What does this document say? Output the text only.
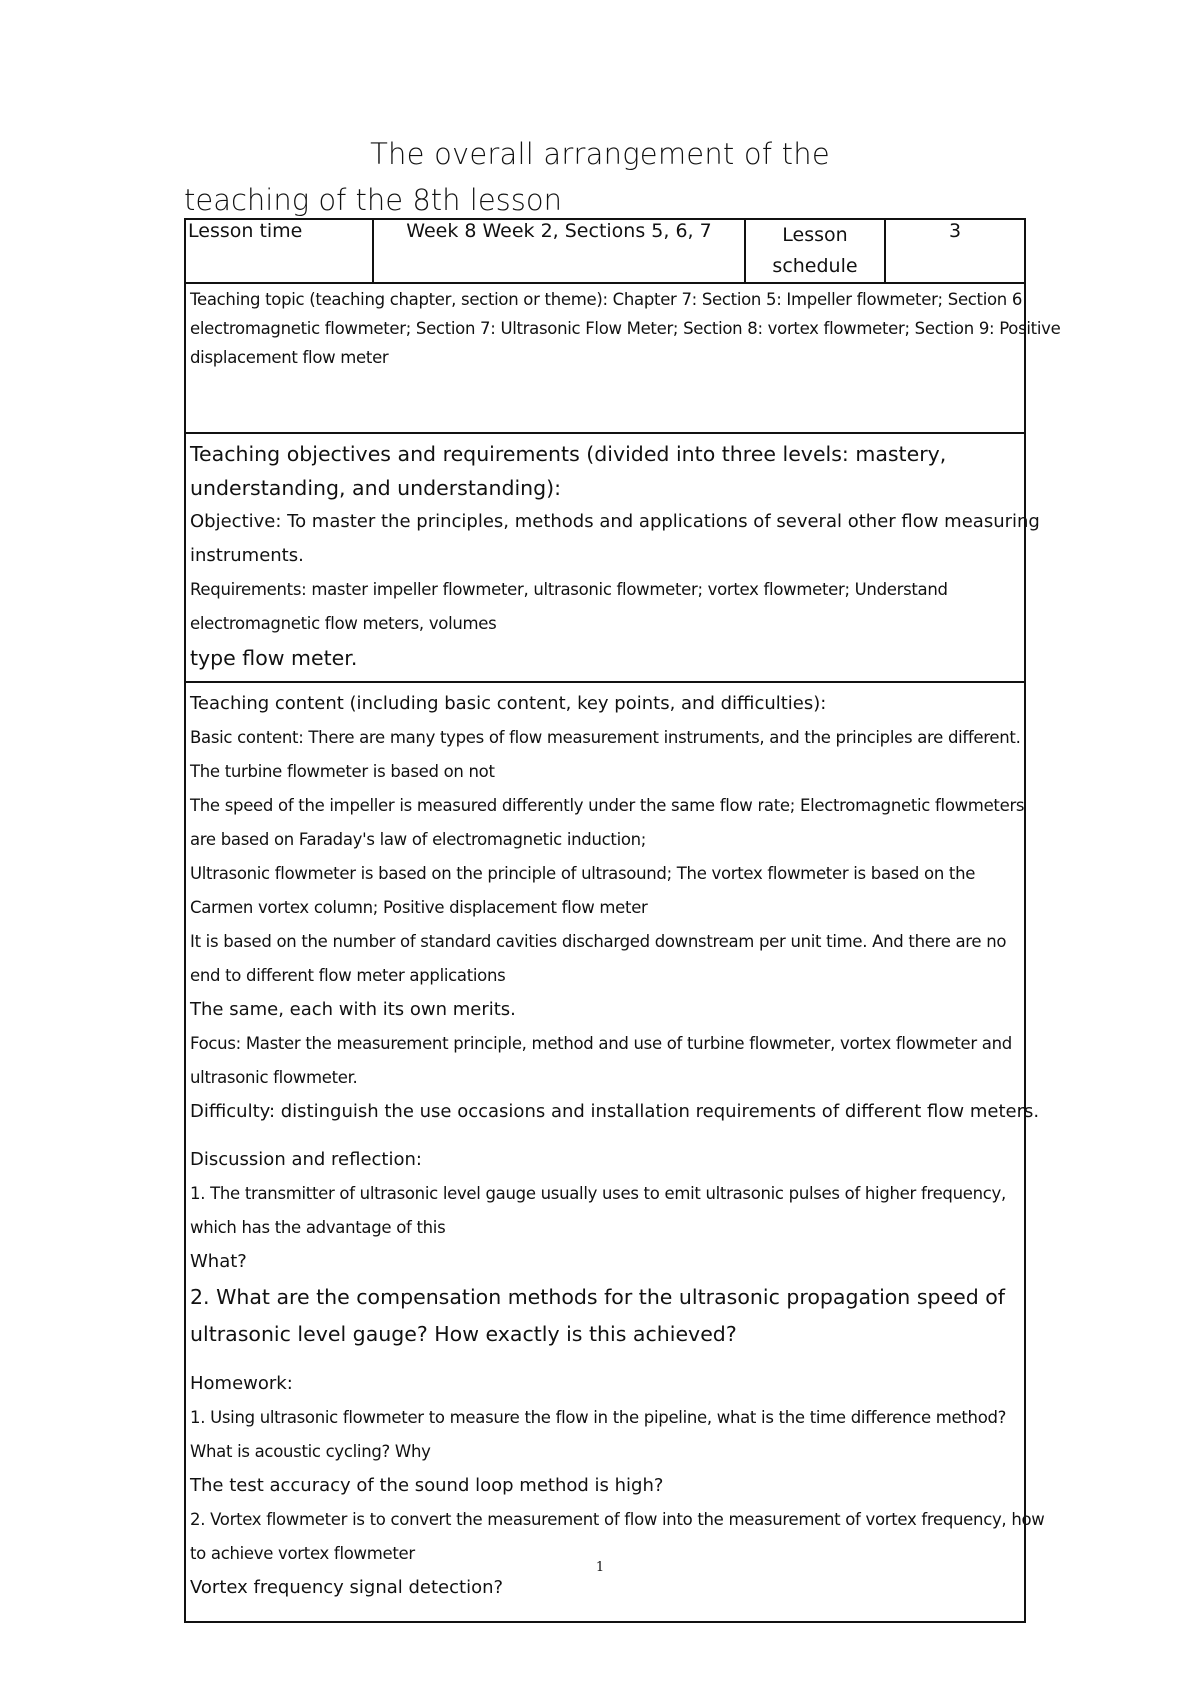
The overall arrangement of the
teaching of the 8th lesson
Lesson time	Week 8 Week 2, Sections 5, 6, 7	Lesson schedule	3

Teaching topic (teaching chapter, section or theme): Chapter 7: Section 5: Impeller flowmeter; Section 6
electromagnetic flowmeter; Section 7: Ultrasonic Flow Meter; Section 8: vortex flowmeter; Section 9: Positive
displacement flow meter

Teaching objectives and requirements (divided into three levels: mastery,
understanding, and understanding):
Objective: To master the principles, methods and applications of several other flow measuring
instruments.
Requirements: master impeller flowmeter, ultrasonic flowmeter; vortex flowmeter; Understand
electromagnetic flow meters, volumes
type flow meter.

Teaching content (including basic content, key points, and difficulties):
Basic content: There are many types of flow measurement instruments, and the principles are different.
The turbine flowmeter is based on not
The speed of the impeller is measured differently under the same flow rate; Electromagnetic flowmeters
are based on Faraday's law of electromagnetic induction;
Ultrasonic flowmeter is based on the principle of ultrasound; The vortex flowmeter is based on the
Carmen vortex column; Positive displacement flow meter
It is based on the number of standard cavities discharged downstream per unit time. And there are no
end to different flow meter applications
The same, each with its own merits.
Focus: Master the measurement principle, method and use of turbine flowmeter, vortex flowmeter and
ultrasonic flowmeter.
Difficulty: distinguish the use occasions and installation requirements of different flow meters.
Discussion and reflection:
1. The transmitter of ultrasonic level gauge usually uses to emit ultrasonic pulses of higher frequency,
which has the advantage of this
What?
2. What are the compensation methods for the ultrasonic propagation speed of
ultrasonic level gauge? How exactly is this achieved?
Homework:
1. Using ultrasonic flowmeter to measure the flow in the pipeline, what is the time difference method?
What is acoustic cycling? Why
The test accuracy of the sound loop method is high?
2. Vortex flowmeter is to convert the measurement of flow into the measurement of vortex frequency, how
to achieve vortex flowmeter
Vortex frequency signal detection?
1
